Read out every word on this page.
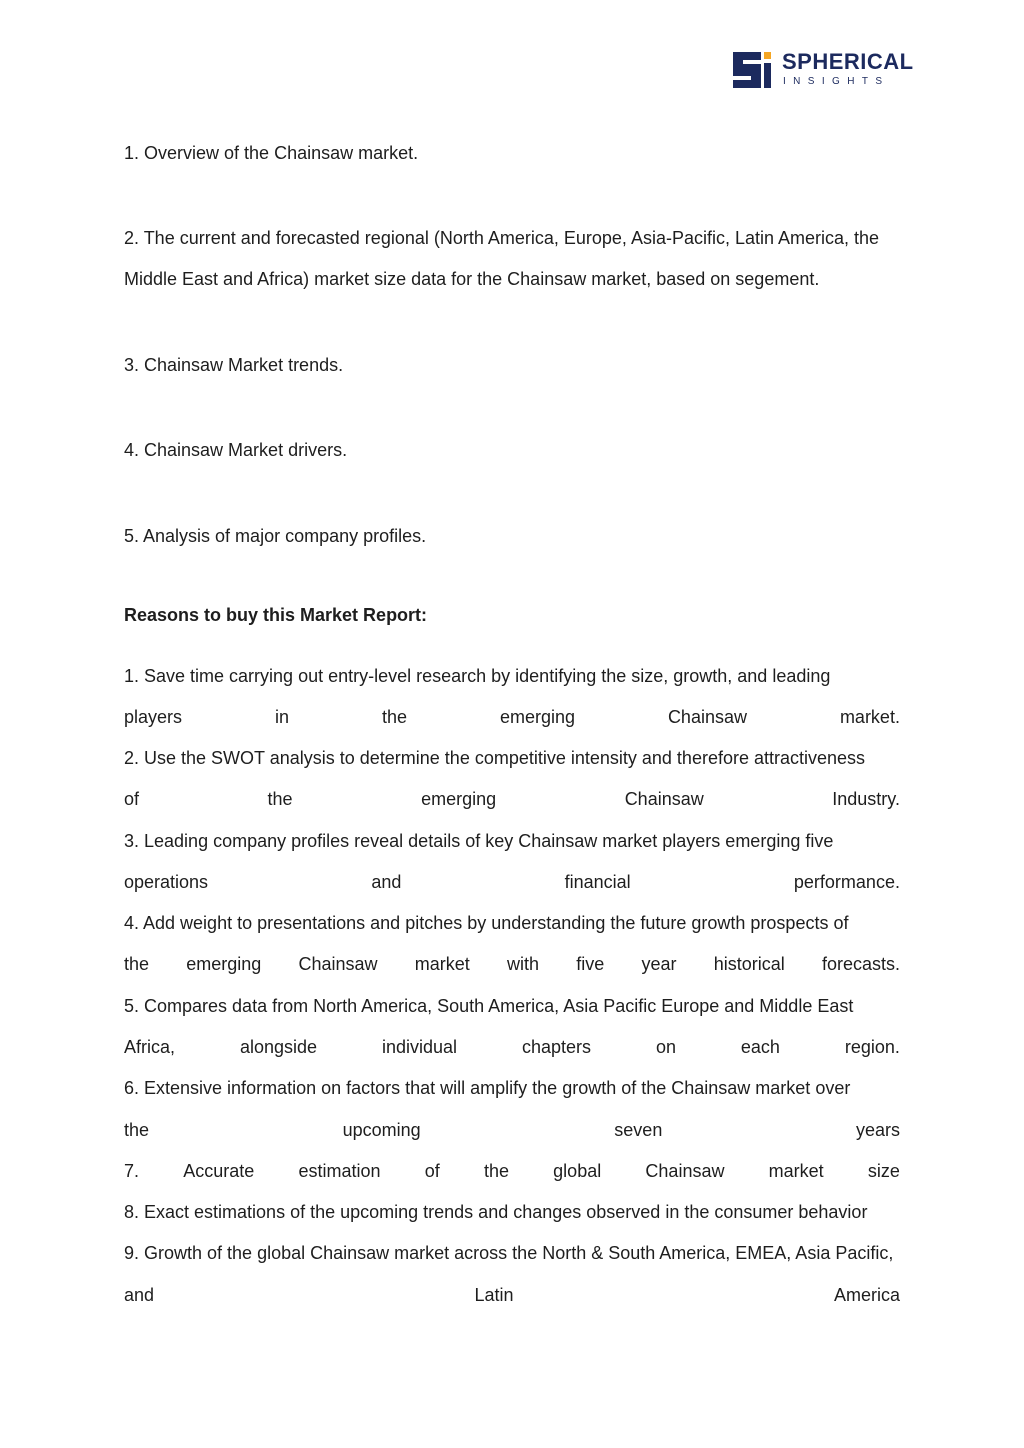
SPHERICAL
INSIGHTS
1. Overview of the Chainsaw market.
2. The current and forecasted regional (North America, Europe, Asia-Pacific, Latin America, the
Middle East and Africa) market size data for the Chainsaw market, based on segement.
3. Chainsaw Market trends.
4. Chainsaw Market drivers.
5. Analysis of major company profiles.
Reasons to buy this Market Report:
1. Save time carrying out entry-level research by identifying the size, growth, and leading
players	in	the	emerging	Chainsaw	market.
2. Use the SWOT analysis to determine the competitive intensity and therefore attractiveness
of	the	emerging	Chainsaw	Industry.
3. Leading company profiles reveal details of key Chainsaw market players emerging five
operations	and	financial	performance.
4. Add weight to presentations and pitches by understanding the future growth prospects of
the emerging Chainsaw market with five year historical forecasts.
5. Compares data from North America, South America, Asia Pacific Europe and Middle East
Africa,	alongside	individual	chapters	on	each	region.
6. Extensive information on factors that will amplify the growth of the Chainsaw market over
the	upcoming	seven	years
7. Accurate estimation of the global Chainsaw market size
8. Exact estimations of the upcoming trends and changes observed in the consumer behavior
9. Growth of the global Chainsaw market across the North & South America, EMEA, Asia Pacific,
and	Latin	America
